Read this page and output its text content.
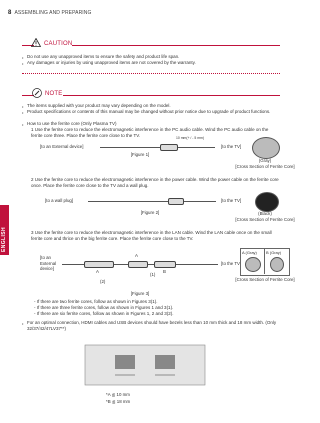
8 ASSEMBLING AND PREPARING
ENGLISH
CAUTION
• Do not use any unapproved items to ensure the safety and product life span.
• Any damages or injuries by using unapproved items are not covered by the warranty.
NOTE
• The items supplied with your product may vary depending on the model.
• Product specifications or contents of this manual may be changed without prior notice due to upgrade of product functions.
• How to use the ferrite core (Only Plasma TV)
1 Use the ferrite core to reduce the electromagnetic interference in the PC audio cable. Wind the PC audio cable on the ferrite core three. Place the ferrite core close to the TV.
[to an External device]
10 mm(+ / - 5 mm)
[to the TV]
[Figure 1]
(Gray)
[Cross Section of Ferrite Core]
2 Use the ferrite core to reduce the electromagnetic interference in the power cable. Wind the power cable on the ferrite core once. Place the ferrite core close to the TV and a wall plug.
[to a wall plug]	[to the TV]
[Figure 2]	(Black)
[Cross Section of Ferrite Core]
3 Use the ferrite core to reduce the electromagnetic interference in the LAN cable. Wind the LAN cable once on the small ferrite core and thrice on the big ferrite core. Place the ferrite core close to the TV.
[to an External device]
A
A
B
(1)
(2)
[to the TV]
A (Gray) B (Gray)
[Cross Section of Ferrite Core]
[Figure 3]
- If there are two ferrite cores, follow as shown in Figures 3(1).
- If there are three ferrite cores, follow as shown in Figures 1 and 3(1).
- If there are six ferrite cores, follow as shown in Figures 1, 2 and 3(2).
• For an optimal connection, HDMI cables and USB devices should have bezels less than 10 mm thick and 18 mm width. (Only 32/37/42/47LV37**)
*A ≦ 10 mm
*B ≦ 18 mm
